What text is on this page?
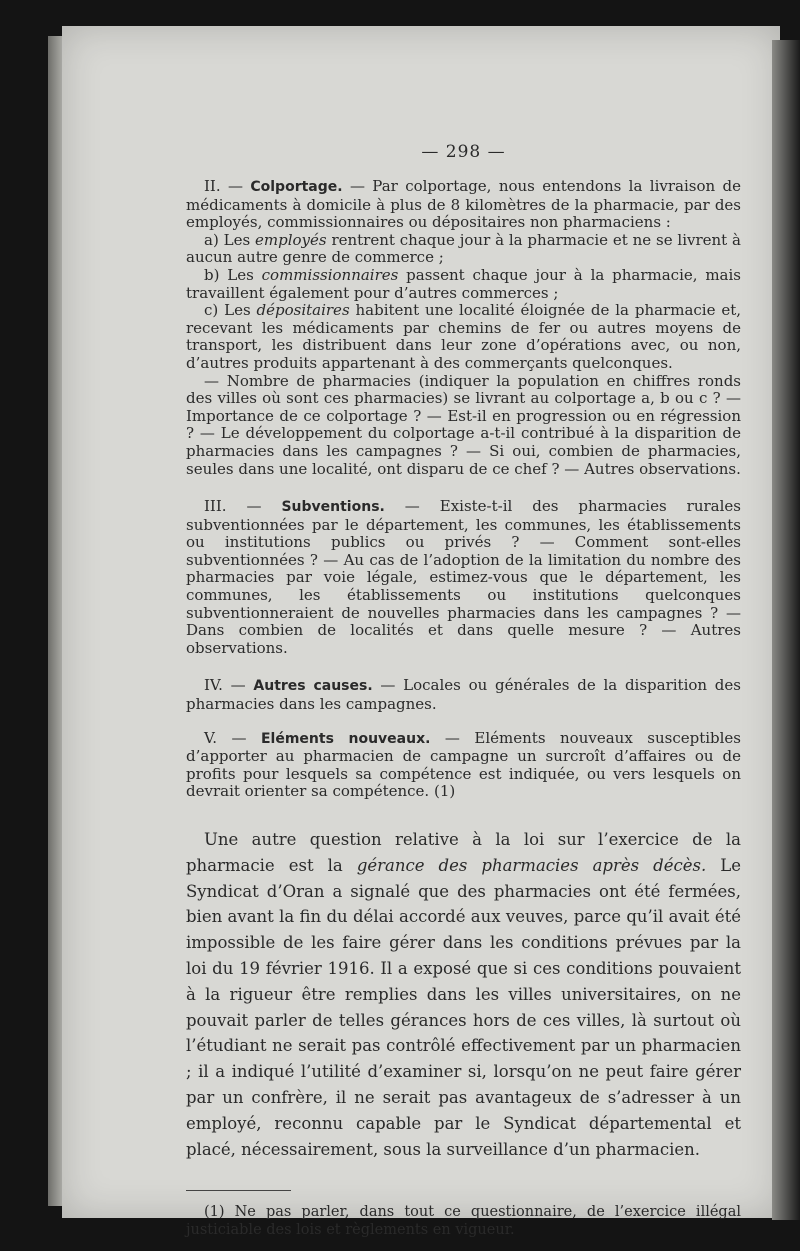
— 298 —

II. — Colportage. — Par colportage, nous entendons la livraison de médicaments à domicile à plus de 8 kilomètres de la pharmacie, par des employés, commissionnaires ou dépositaires non pharmaciens :

a) Les employés rentrent chaque jour à la pharmacie et ne se livrent à aucun autre genre de commerce ;

b) Les commissionnaires passent chaque jour à la pharmacie, mais travaillent également pour d’autres commerces ;

c) Les dépositaires habitent une localité éloignée de la pharmacie et, recevant les médicaments par chemins de fer ou autres moyens de transport, les distribuent dans leur zone d’opérations avec, ou non, d’autres produits appartenant à des commerçants quelconques.

— Nombre de pharmacies (indiquer la population en chiffres ronds des villes où sont ces pharmacies) se livrant au colportage a, b ou c ? — Importance de ce colportage ? — Est-il en progression ou en régression ? — Le développement du colportage a-t-il contribué à la disparition de pharmacies dans les campagnes ? — Si oui, combien de pharmacies, seules dans une localité, ont disparu de ce chef ? — Autres observations.

III. — Subventions. — Existe-t-il des pharmacies rurales subventionnées par le département, les communes, les établissements ou institutions publics ou privés ? — Comment sont-elles subventionnées ? — Au cas de l’adoption de la limitation du nombre des pharmacies par voie légale, estimez-vous que le département, les communes, les établissements ou institutions quelconques subventionneraient de nouvelles pharmacies dans les campagnes ? — Dans combien de localités et dans quelle mesure ? — Autres observations.

IV. — Autres causes. — Locales ou générales de la disparition des pharmacies dans les campagnes.

V. — Eléments nouveaux. — Eléments nouveaux susceptibles d’apporter au pharmacien de campagne un surcroît d’affaires ou de profits pour lesquels sa compétence est indiquée, ou vers lesquels on devrait orienter sa compétence. (1)

Une autre question relative à la loi sur l’exercice de la pharmacie est la gérance des pharmacies après décès. Le Syndicat d’Oran a signalé que des pharmacies ont été fermées, bien avant la fin du délai accordé aux veuves, parce qu’il avait été impossible de les faire gérer dans les conditions prévues par la loi du 19 février 1916. Il a exposé que si ces conditions pouvaient à la rigueur être remplies dans les villes universitaires, on ne pouvait parler de telles gérances hors de ces villes, là surtout où l’étudiant ne serait pas contrôlé effectivement par un pharmacien ; il a indiqué l’utilité d’examiner si, lorsqu’on ne peut faire gérer par un confrère, il ne serait pas avantageux de s’adresser à un employé, reconnu capable par le Syndicat départemental et placé, nécessairement, sous la surveillance d’un pharmacien.

(1) Ne pas parler, dans tout ce questionnaire, de l’exercice illégal justiciable des lois et règlements en vigueur.
